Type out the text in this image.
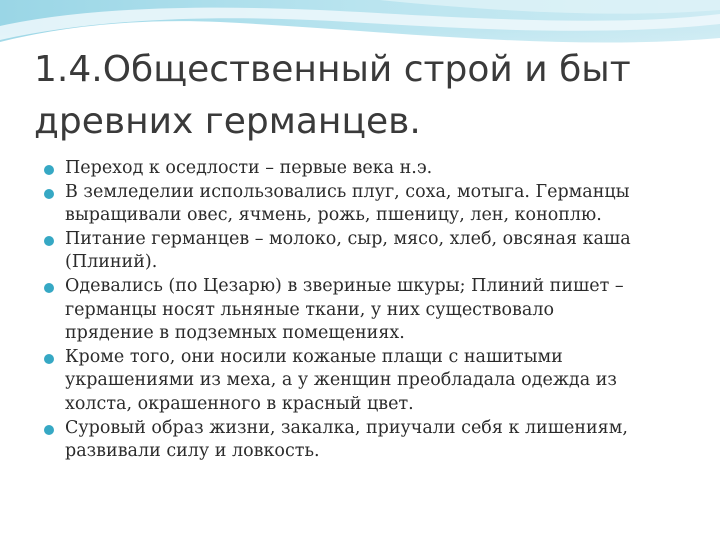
1.4.Общественный строй и быт
древних германцев.
Переход к оседлости – первые века н.э.
В земледелии использовались плуг, соха, мотыга. Германцы
выращивали овес, ячмень, рожь, пшеницу, лен, коноплю.
Питание германцев – молоко, сыр, мясо, хлеб, овсяная каша
(Плиний).
Одевались (по Цезарю) в звериные шкуры; Плиний пишет –
германцы носят льняные ткани, у них существовало
прядение в подземных помещениях.
Кроме того, они носили кожаные плащи с нашитыми
украшениями из меха, а у женщин преобладала одежда из
холста, окрашенного в красный цвет.
Суровый образ жизни, закалка, приучали себя к лишениям,
развивали силу и ловкость.
